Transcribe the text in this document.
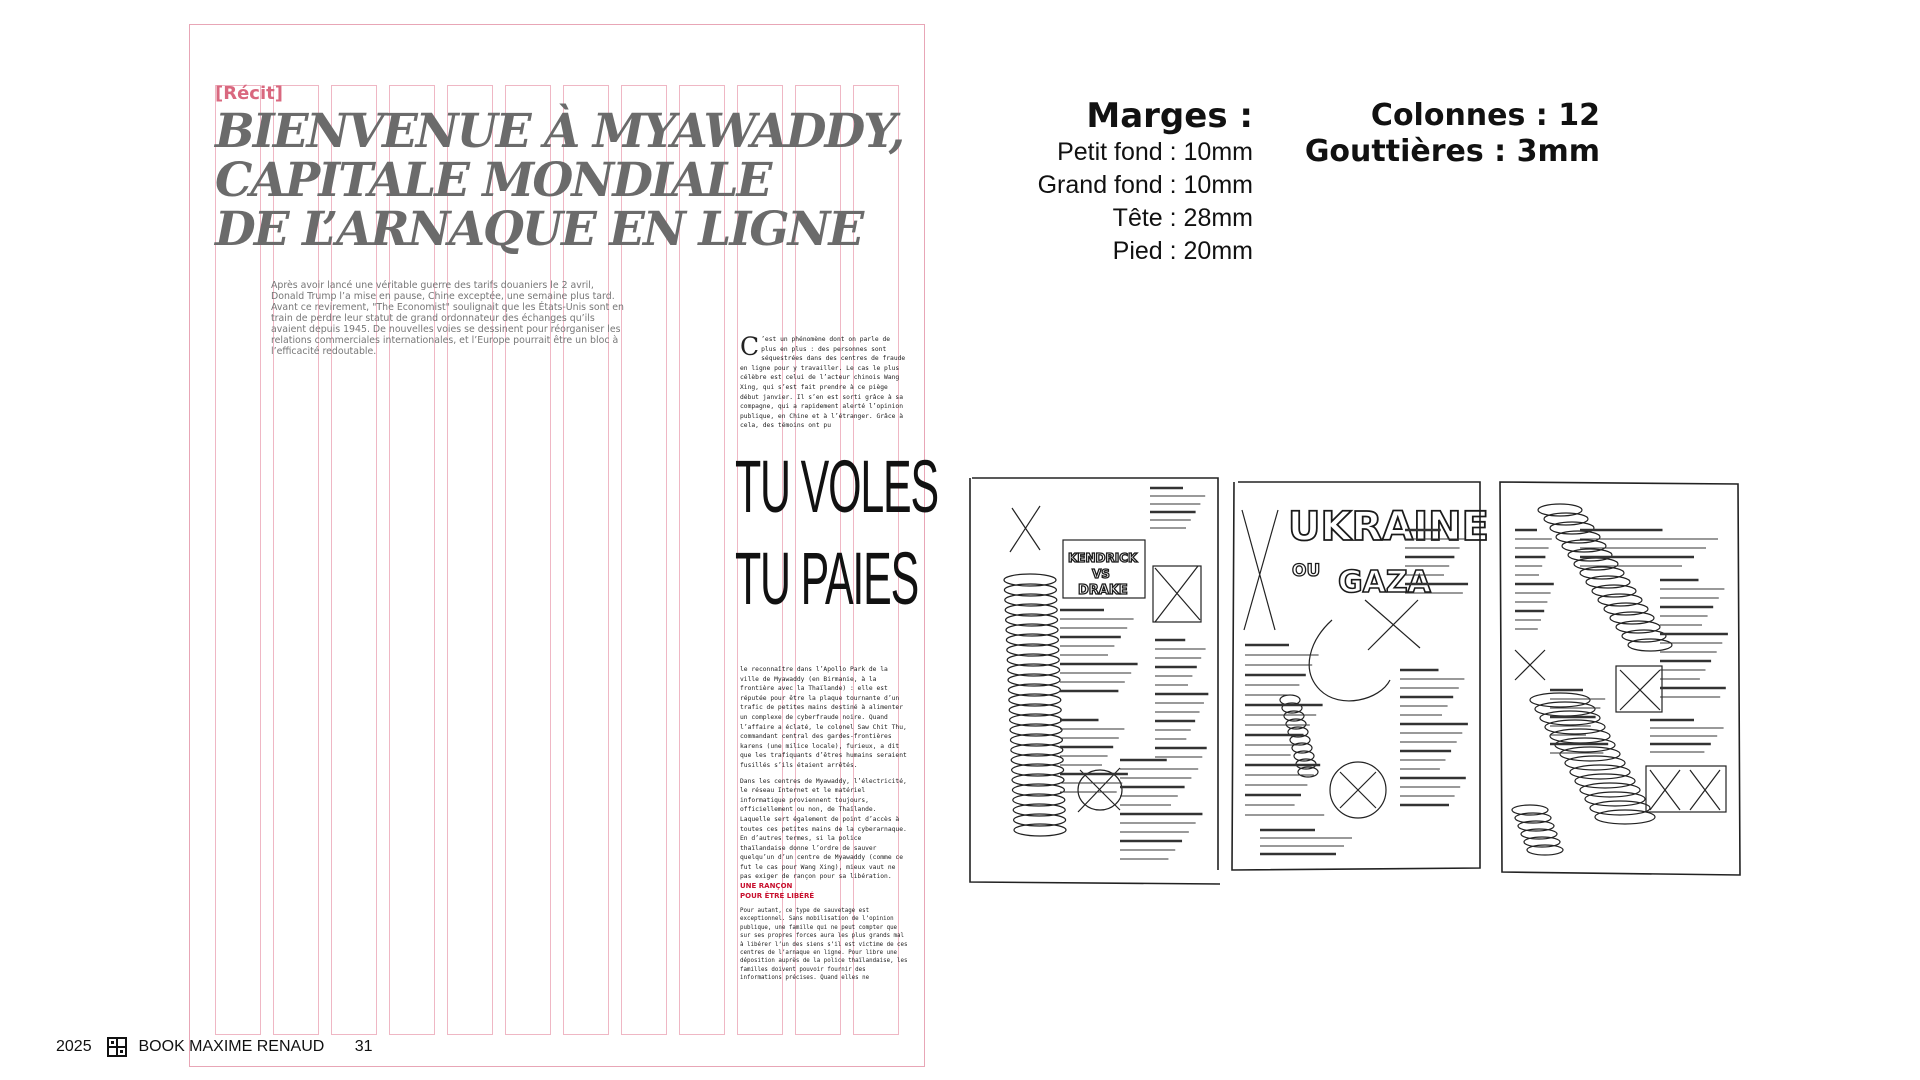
[Récit]
BIENVENUE À MYAWADDY,
CAPITALE MONDIALE
DE L’ARNAQUE EN LIGNE
Après avoir lancé une véritable guerre des tarifs douaniers le 2 avril, Donald Trump l’a mise en pause, Chine exceptée, une semaine plus tard. Avant ce revirement, "The Economist" soulignait que les États-Unis sont en train de perdre leur statut de grand ordonnateur des échanges qu’ils avaient depuis 1945. De nouvelles voies se dessinent pour réorganiser les relations commerciales internationales, et l’Europe pourrait être un bloc à l’efficacité redoutable.	C ’est un phénomène dont on parle de plus en plus : des personnes sont séquestrées dans des centres de fraude en ligne pour y travailler. Le cas le plus célèbre est celui de l’acteur chinois Wang Xing, qui s’est fait prendre à ce piège début janvier. Il s’en est sorti grâce à sa compagne, qui a rapidement alerté l’opinion publique, en Chine et à l’étranger. Grâce à cela, des témoins ont pu
TU VOLES
TU PAIES

le reconnaître dans l’Apollo Park de la ville de Myawaddy (en Birmanie, à la frontière avec la Thaïlande) : elle est réputée pour être la plaque tournante d’un trafic de petites mains destiné à alimenter un complexe de cyberfraude noire. Quand l’affaire a éclaté, le colonel Saw Chit Thu, commandant central des gardes-frontières karens (une milice locale), furieux, a dit que les trafiquants d’êtres humains seraient fusillés s’ils étaient arrêtés.

Dans les centres de Myawaddy, l’électricité, le réseau Internet et le matériel informatique proviennent toujours, officiellement ou non, de Thaïlande. Laquelle sert également de point d’accès à toutes ces petites mains de la cyberarnaque. En d’autres termes, si la police thaïlandaise donne l’ordre de sauver quelqu’un d’un centre de Myawaddy (comme ce fut le cas pour Wang Xing), mieux vaut ne pas exiger de rançon pour sa libération.

UNE RANÇON
POUR ÊTRE LIBÉRÉ
Pour autant, ce type de sauvetage est exceptionnel. Sans mobilisation de l’opinion publique, une famille qui ne peut compter que sur ses propres forces aura les plus grands mal à libérer l’un des siens s’il est victime de ces centres de l’arnaque en ligne. Pour libre une déposition auprès de la police thaïlandaise, les familles doivent pouvoir fournir des informations précises. Quand elles ne
2025	BOOK MAXIME RENAUD 31
Marges :
Petit fond : 10mm
Grand fond : 10mm
Tête : 28mm
Pied : 20mm
Colonnes : 12
Gouttières : 3mm
KENDRICK
VS
DRAKE
UKRAINE
OU GAZA
